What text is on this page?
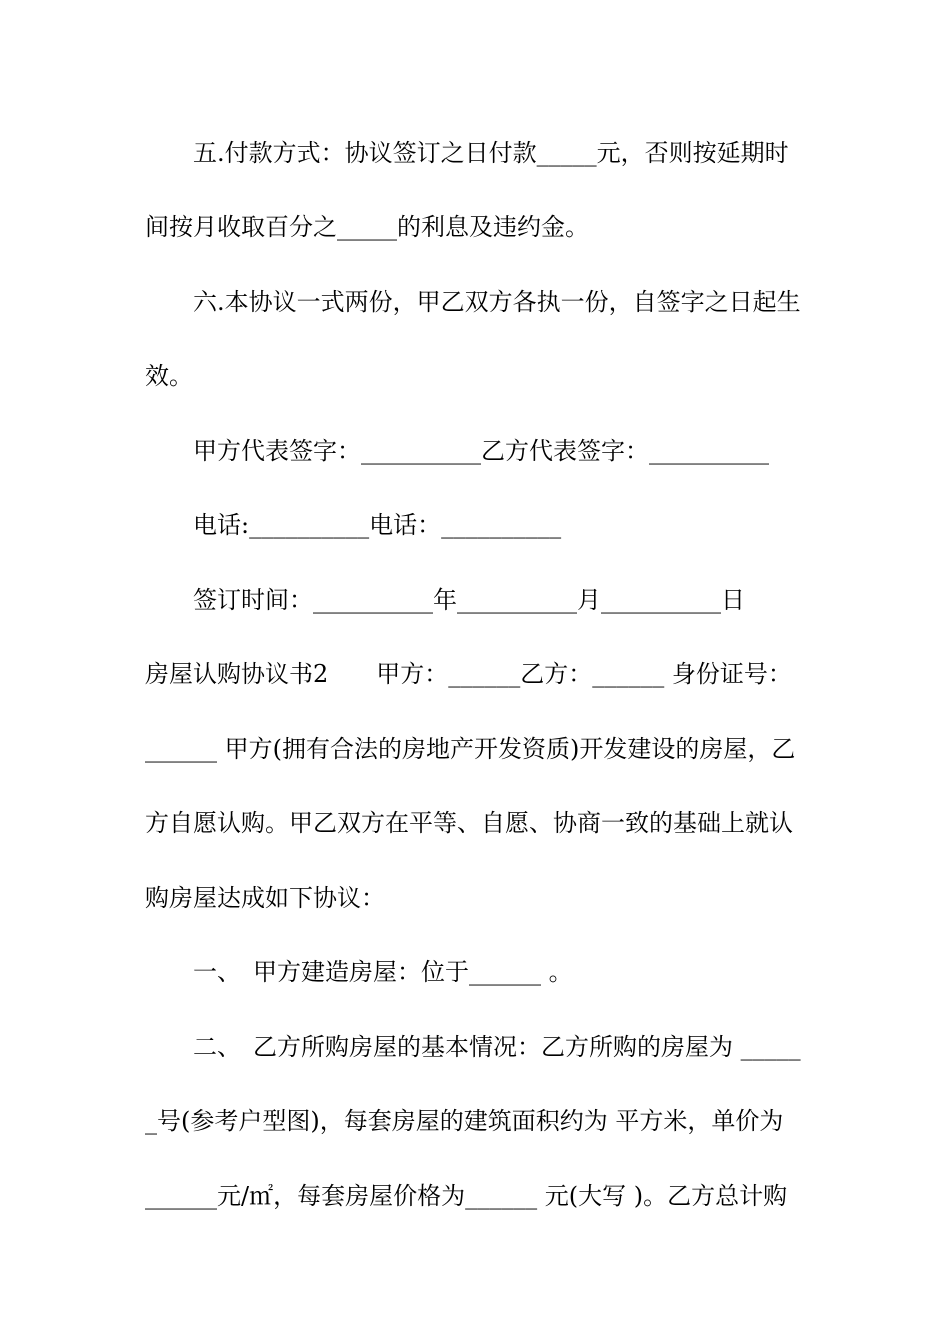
　　五.付款方式：协议签订之日付款_____元，否则按延期时
间按月收取百分之_____的利息及违约金。
　　六.本协议一式两份，甲乙双方各执一份，自签字之日起生
效。
　　甲方代表签字：__________乙方代表签字：__________
　　电话:__________电话：__________
　　签订时间：__________年__________月__________日
房屋认购协议书2　　甲方：______乙方：______ 身份证号：
______ 甲方(拥有合法的房地产开发资质)开发建设的房屋，乙
方自愿认购。甲乙双方在平等、自愿、协商一致的基础上就认
购房屋达成如下协议：
　　一、　甲方建造房屋：位于______ 。
　　二、　乙方所购房屋的基本情况：乙方所购的房屋为 _____
_号(参考户型图)，每套房屋的建筑面积约为 平方米，单价为
______元/㎡，每套房屋价格为______ 元(大写 )。乙方总计购
